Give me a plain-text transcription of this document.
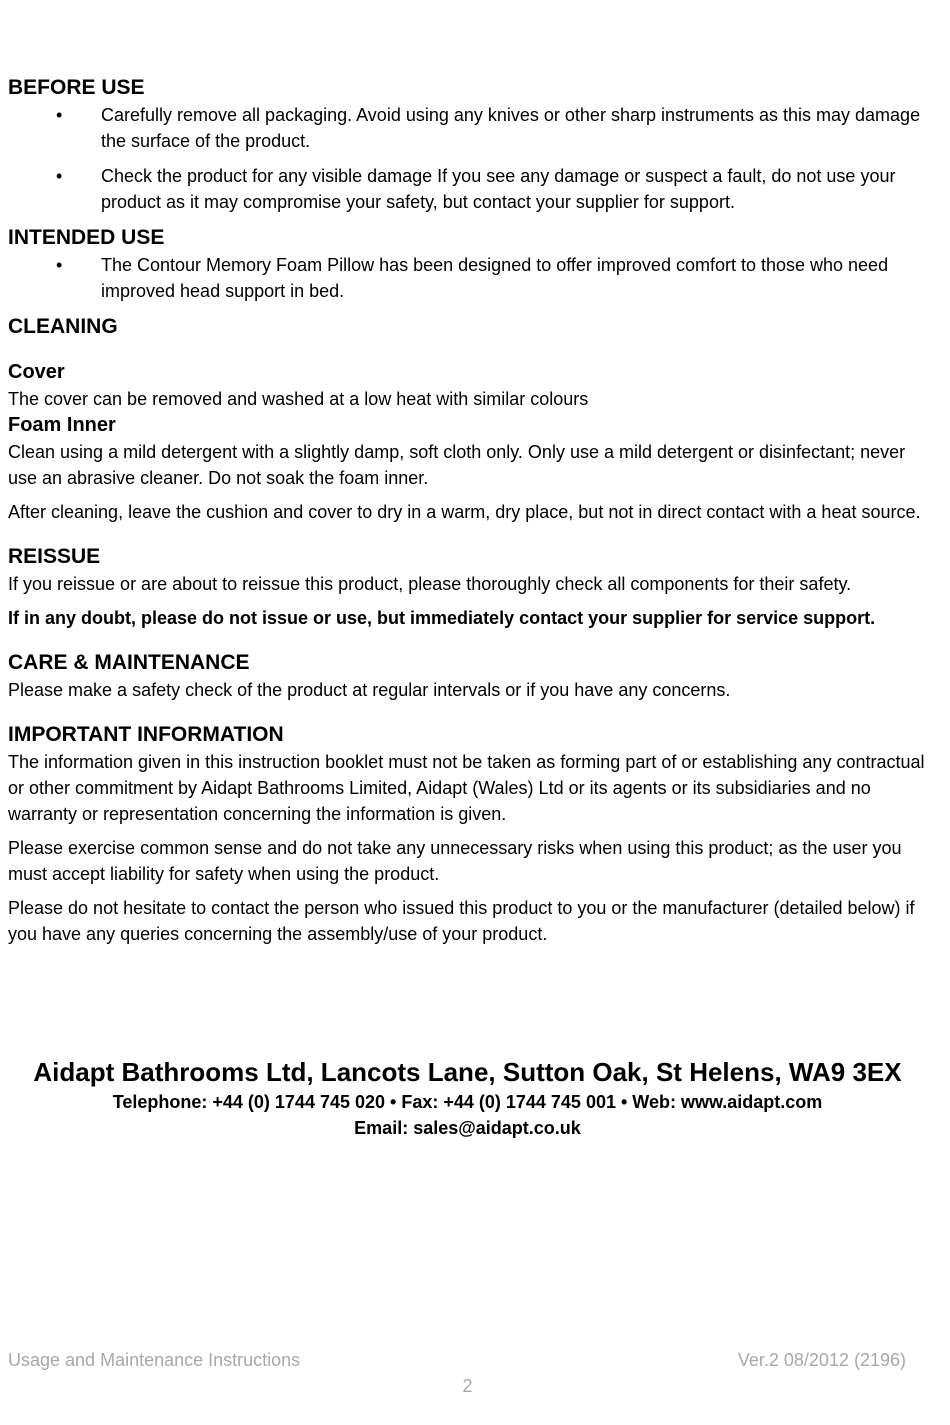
BEFORE USE
• Carefully remove all packaging. Avoid using any knives or other sharp instruments as this may damage the surface of the product.
• Check the product for any visible damage If you see any damage or suspect a fault, do not use your product as it may compromise your safety, but contact your supplier for support.
INTENDED USE
• The Contour Memory Foam Pillow has been designed to offer improved comfort to those who need improved head support in bed.
CLEANING
Cover

The cover can be removed and washed at a low heat with similar colours

Foam Inner

Clean using a mild detergent with a slightly damp, soft cloth only. Only use a mild detergent or disinfectant; never use an abrasive cleaner. Do not soak the foam inner.

After cleaning, leave the cushion and cover to dry in a warm, dry place, but not in direct contact with a heat source.

REISSUE

If you reissue or are about to reissue this product, please thoroughly check all components for their safety.

If in any doubt, please do not issue or use, but immediately contact your supplier for service support.

CARE & MAINTENANCE

Please make a safety check of the product at regular intervals or if you have any concerns.

IMPORTANT INFORMATION

The information given in this instruction booklet must not be taken as forming part of or establishing any contractual or other commitment by Aidapt Bathrooms Limited, Aidapt (Wales) Ltd or its agents or its subsidiaries and no warranty or representation concerning the information is given.

Please exercise common sense and do not take any unnecessary risks when using this product; as the user you must accept liability for safety when using the product.

Please do not hesitate to contact the person who issued this product to you or the manufacturer (detailed below) if you have any queries concerning the assembly/use of your product.

Aidapt Bathrooms Ltd, Lancots Lane, Sutton Oak, St Helens, WA9 3EX
Telephone: +44 (0) 1744 745 020 • Fax: +44 (0) 1744 745 001 • Web: www.aidapt.com
Email: sales@aidapt.co.uk
Usage and Maintenance Instructions	Ver.2 08/2012 (2196)
2
